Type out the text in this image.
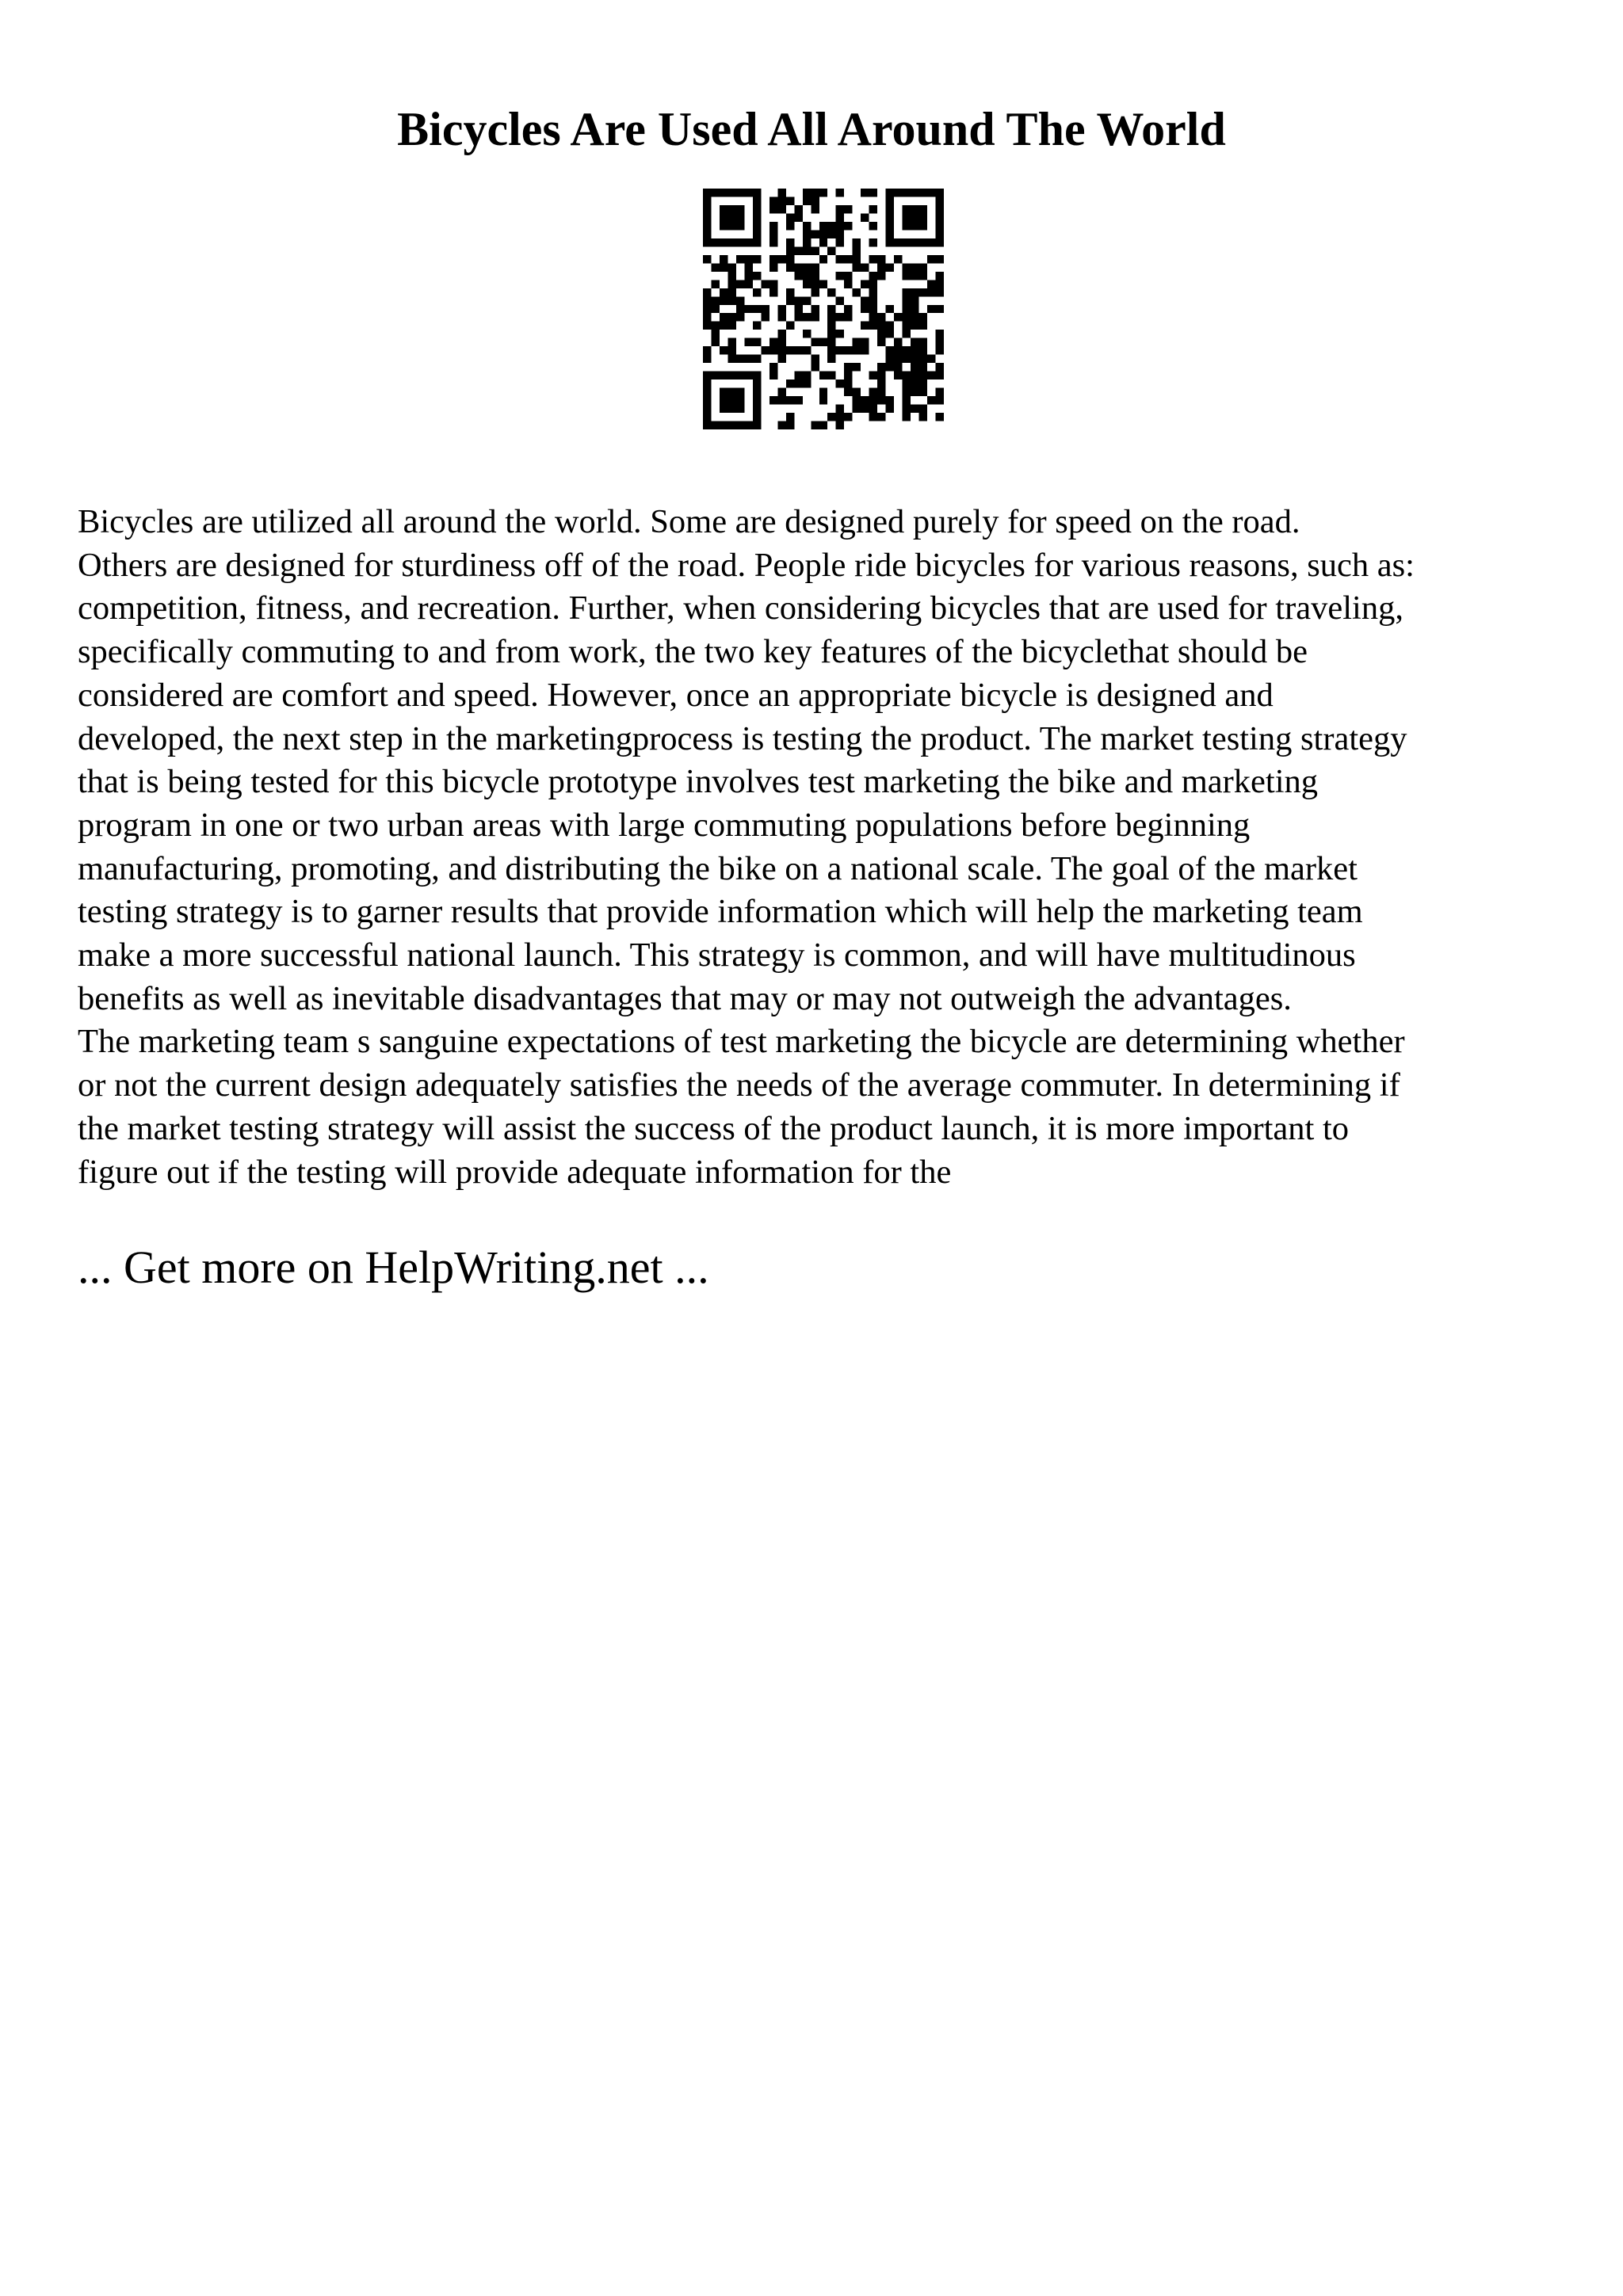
Bicycles Are Used All Around The World

Bicycles are utilized all around the world. Some are designed purely for speed on the road.
Others are designed for sturdiness off of the road. People ride bicycles for various reasons, such as:
competition, fitness, and recreation. Further, when considering bicycles that are used for traveling,
specifically commuting to and from work, the two key features of the bicyclethat should be
considered are comfort and speed. However, once an appropriate bicycle is designed and
developed, the next step in the marketingprocess is testing the product. The market testing strategy
that is being tested for this bicycle prototype involves test marketing the bike and marketing
program in one or two urban areas with large commuting populations before beginning
manufacturing, promoting, and distributing the bike on a national scale. The goal of the market
testing strategy is to garner results that provide information which will help the marketing team
make a more successful national launch. This strategy is common, and will have multitudinous
benefits as well as inevitable disadvantages that may or may not outweigh the advantages.

The marketing team s sanguine expectations of test marketing the bicycle are determining whether
or not the current design adequately satisfies the needs of the average commuter. In determining if
the market testing strategy will assist the success of the product launch, it is more important to
figure out if the testing will provide adequate information for the

... Get more on HelpWriting.net ...
